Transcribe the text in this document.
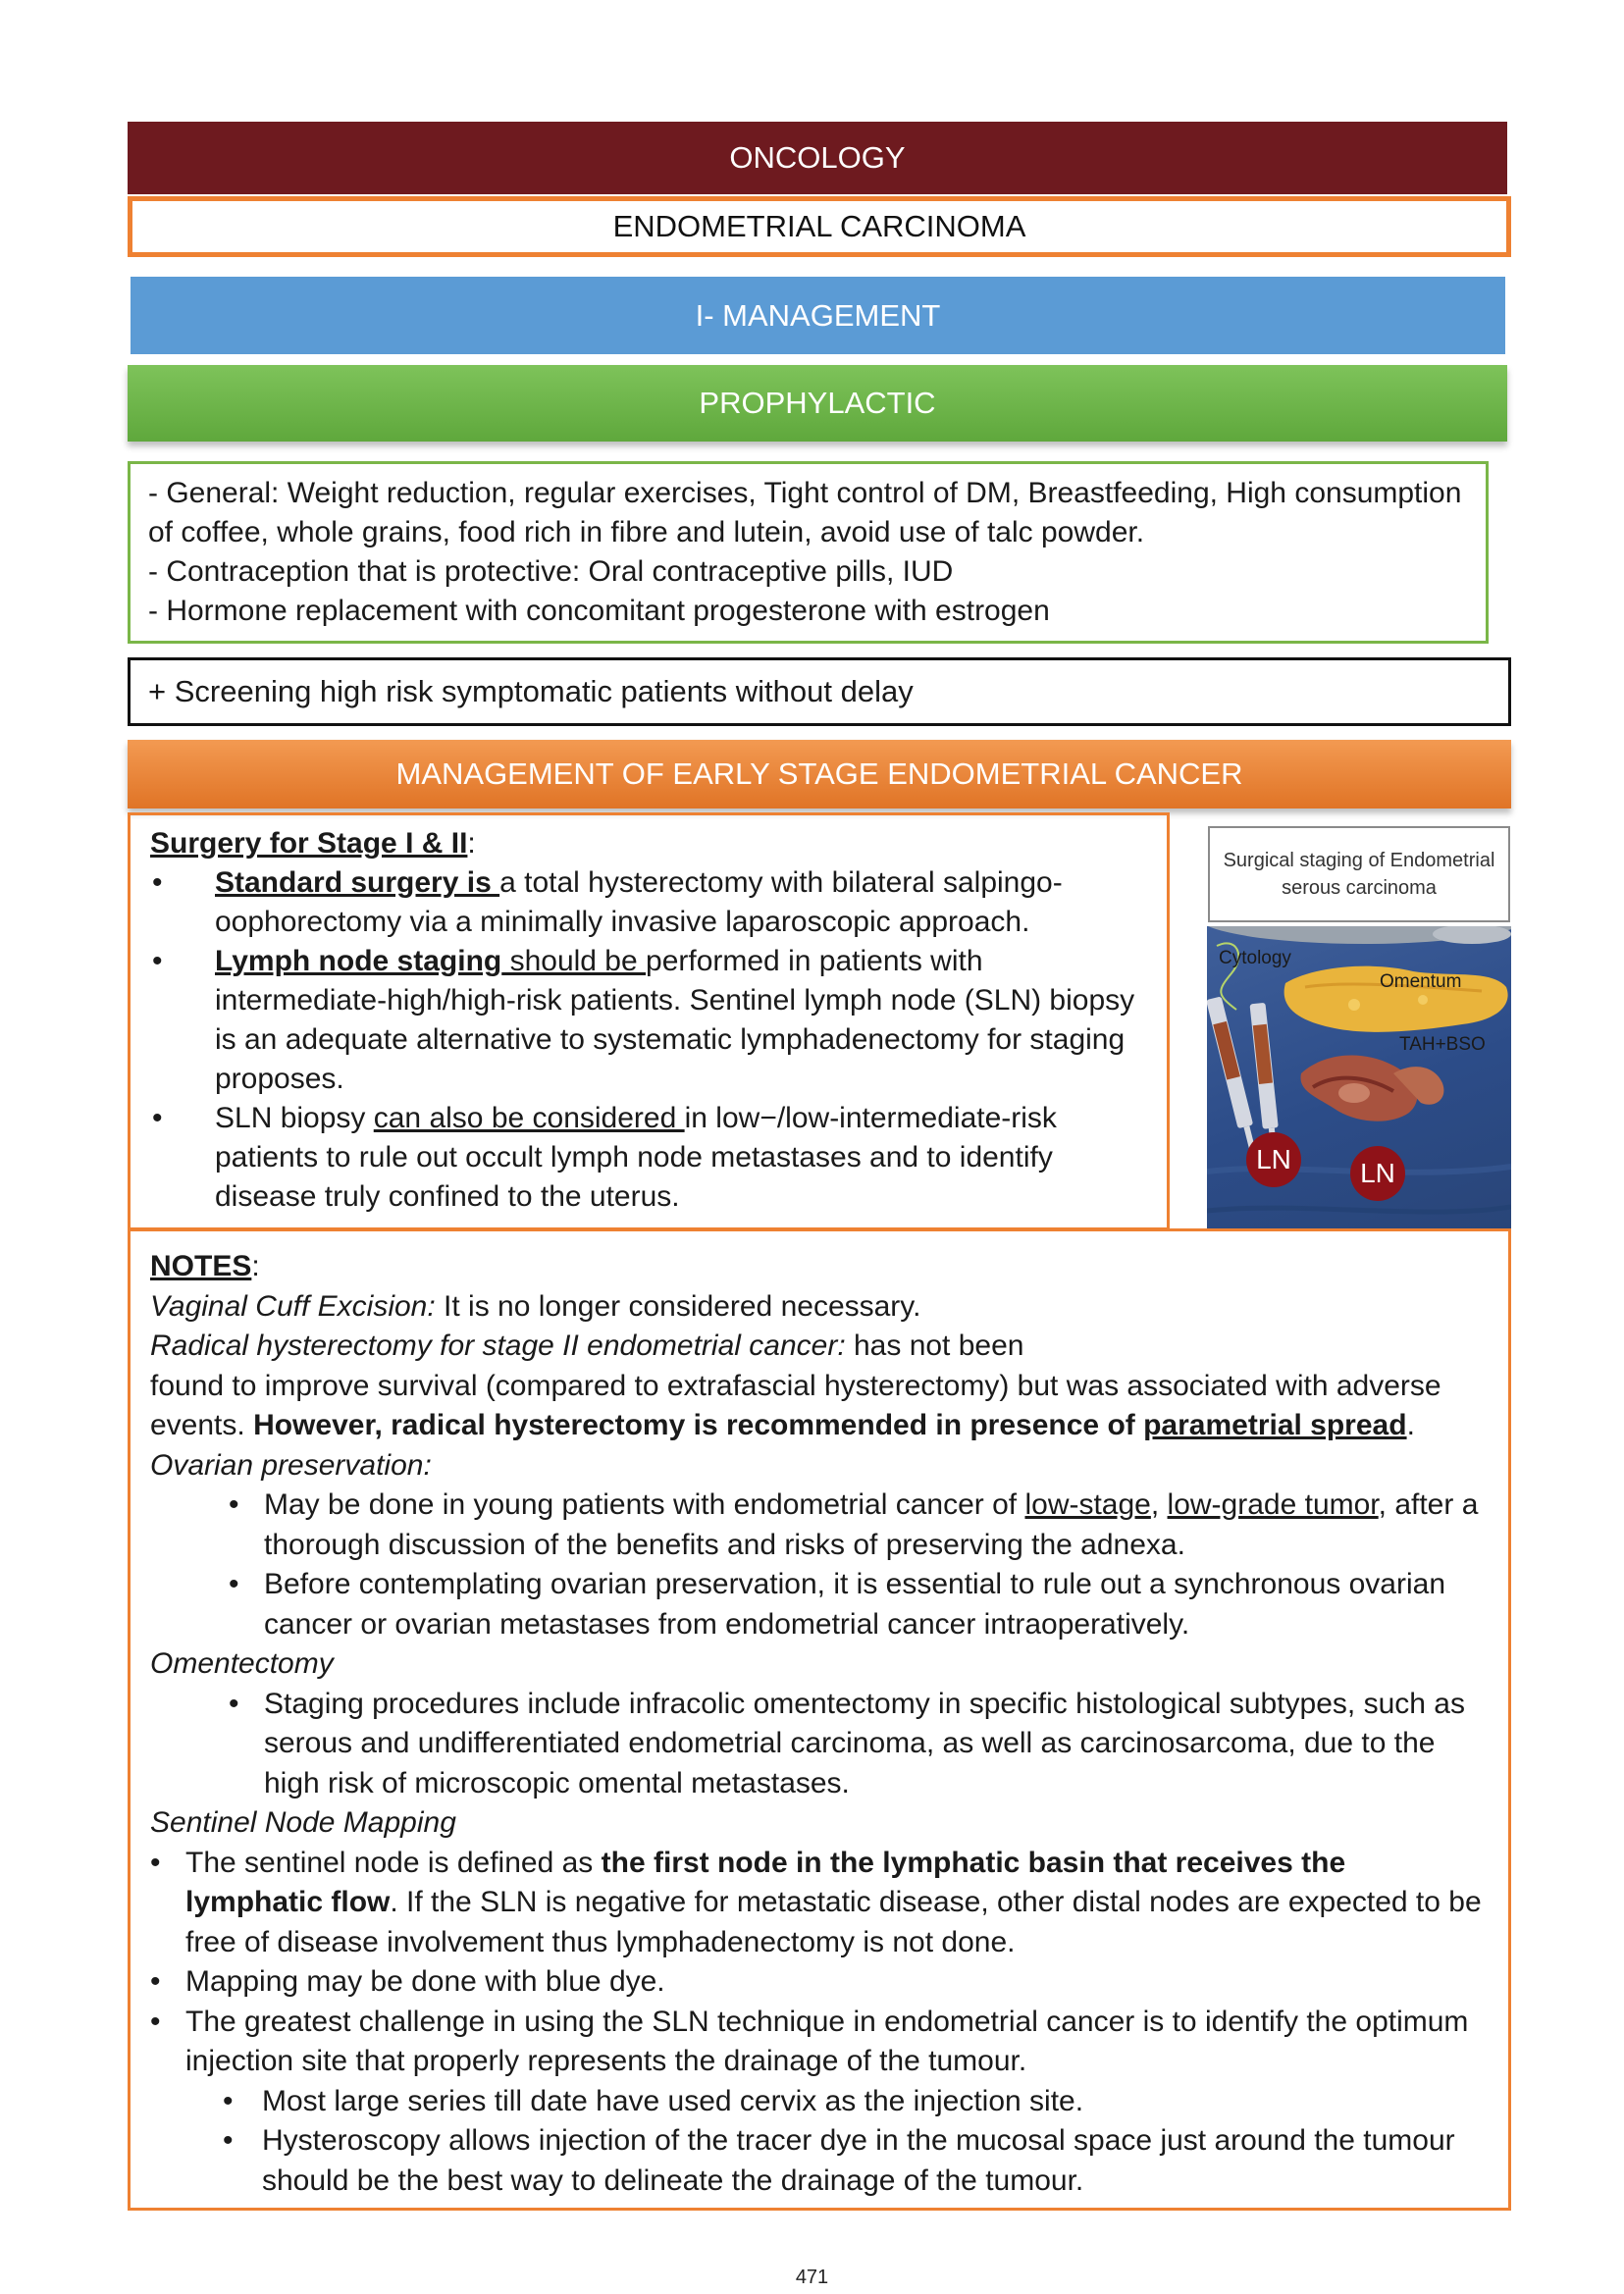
ONCOLOGY
ENDOMETRIAL CARCINOMA
I- MANAGEMENT
PROPHYLACTIC

- General: Weight reduction, regular exercises, Tight control of DM, Breastfeeding, High consumption of coffee, whole grains, food rich in fibre and lutein, avoid use of talc powder.

- Contraception that is protective: Oral contraceptive pills, IUD

- Hormone replacement with concomitant progesterone with estrogen

+ Screening high risk symptomatic patients without delay
MANAGEMENT OF EARLY STAGE ENDOMETRIAL CANCER
Surgery for Stage I & II:
•	Standard surgery is a total hysterectomy with bilateral salpingo-oophorectomy via a minimally invasive laparoscopic approach.
•	Lymph node staging should be performed in patients with intermediate-high/high-risk patients. Sentinel lymph node (SLN) biopsy is an adequate alternative to systematic lymphadenectomy for staging proposes.
•	SLN biopsy can also be considered in low−/low-intermediate-risk patients to rule out occult lymph node metastases and to identify disease truly confined to the uterus.
Surgical staging of Endometrial serous carcinoma
Cytology
Omentum
TAH+BSO
LN	LN

NOTES:

Vaginal Cuff Excision: It is no longer considered necessary.

Radical hysterectomy for stage II endometrial cancer: has not been

found to improve survival (compared to extrafascial hysterectomy) but was associated with adverse events. However, radical hysterectomy is recommended in presence of parametrial spread.

Ovarian preservation:

• May be done in young patients with endometrial cancer of low-stage, low-grade tumor, after a thorough discussion of the benefits and risks of preserving the adnexa.
• Before contemplating ovarian preservation, it is essential to rule out a synchronous ovarian cancer or ovarian metastases from endometrial cancer intraoperatively.

Omentectomy

• Staging procedures include infracolic omentectomy in specific histological subtypes, such as serous and undifferentiated endometrial carcinoma, as well as carcinosarcoma, due to the high risk of microscopic omental metastases.

Sentinel Node Mapping

• The sentinel node is defined as the first node in the lymphatic basin that receives the lymphatic flow. If the SLN is negative for metastatic disease, other distal nodes are expected to be free of disease involvement thus lymphadenectomy is not done.
• Mapping may be done with blue dye.
• The greatest challenge in using the SLN technique in endometrial cancer is to identify the optimum injection site that properly represents the drainage of the tumour.
• Most large series till date have used cervix as the injection site.
• Hysteroscopy allows injection of the tracer dye in the mucosal space just around the tumour should be the best way to delineate the drainage of the tumour.
471
